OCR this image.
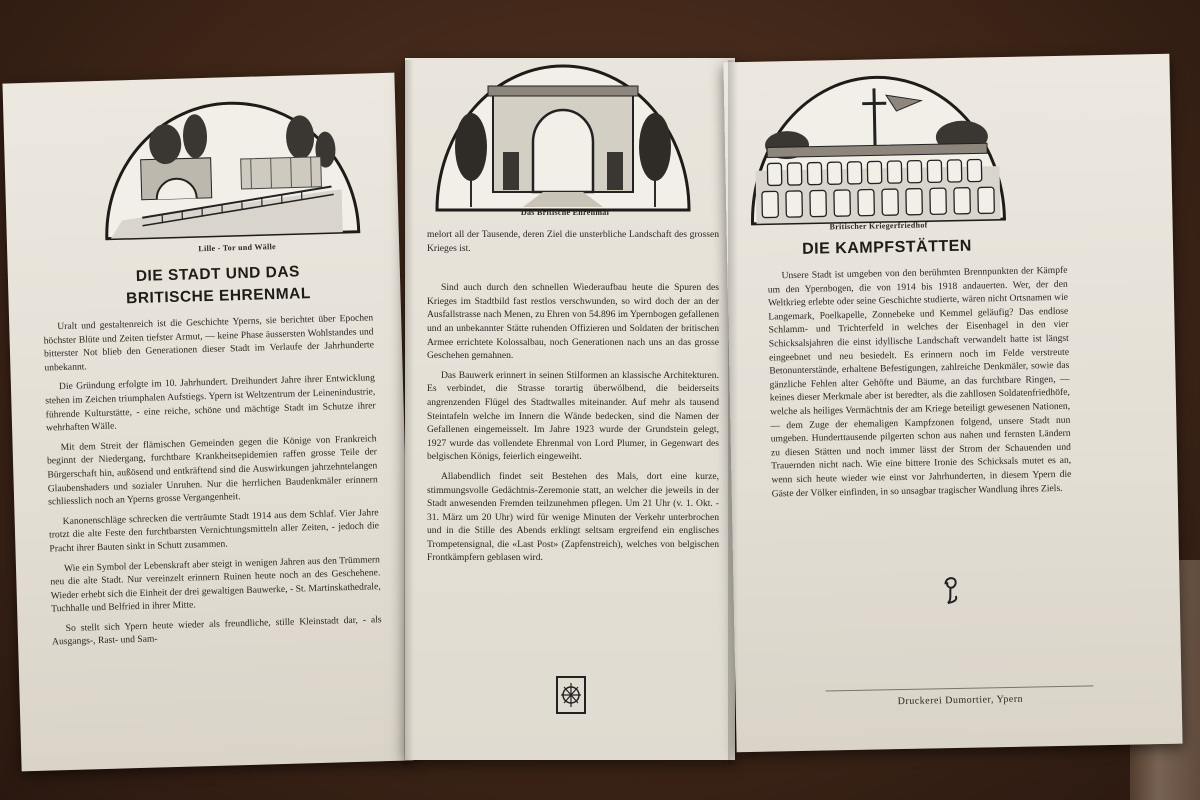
Lille - Tor und Wälle
DIE STADT UND DAS
BRITISCHE EHRENMAL

Uralt und gestaltenreich ist die Geschichte Yperns, sie berichtet über Epochen höchster Blüte und Zeiten tiefster Armut, — keine Phase äussersten Wohlstandes und bitterster Not blieb den Generationen dieser Stadt im Verlaufe der Jahrhunderte unbekannt.

Die Gründung erfolgte im 10. Jahrhundert. Dreihundert Jahre ihrer Entwicklung stehen im Zeichen triumphalen Aufstiegs. Ypern ist Weltzentrum der Leinenindustrie, führende Kulturstätte, - eine reiche, schöne und mächtige Stadt im Schutze ihrer wehrhaften Wälle.

Mit dem Streit der flämischen Gemeinden gegen die Könige von Frankreich beginnt der Niedergang, furchtbare Krankheitsepidemien raffen grosse Teile der Bürgerschaft hin, außösend und entkräftend sind die Auswirkungen jahrzehntelangen Glaubenshaders und sozialer Unruhen. Nur die herrlichen Baudenkmäler erinnern schliesslich noch an Yperns grosse Vergangenheit.

Kanonenschläge schrecken die verträumte Stadt 1914 aus dem Schlaf. Vier Jahre trotzt die alte Feste den furchtbarsten Vernichtungsmitteln aller Zeiten, - jedoch die Pracht ihrer Bauten sinkt in Schutt zusammen.

Wie ein Symbol der Lebenskraft aber steigt in wenigen Jahren aus den Trümmern neu die alte Stadt. Nur vereinzelt erinnern Ruinen heute noch an des Geschehene. Wieder erhebt sich die Einheit der drei gewaltigen Bauwerke, - St. Martinskathedrale, Tuchhalle und Belfried in ihrer Mitte.

So stellt sich Ypern heute wieder als freundliche, stille Kleinstadt dar, - als Ausgangs-, Rast- und Sam-

Das Britische Ehrenmal

melort all der Tausende, deren Ziel die unsterbliche Landschaft des grossen Krieges ist.

Sind auch durch den schnellen Wiederaufbau heute die Spuren des Krieges im Stadtbild fast restlos verschwunden, so wird doch der an der Ausfallstrasse nach Menen, zu Ehren von 54.896 im Ypernbogen gefallenen und an unbekannter Stätte ruhenden Offizieren und Soldaten der britischen Armee errichtete Kolossalbau, noch Generationen nach uns an das grosse Geschehen gemahnen.

Das Bauwerk erinnert in seinen Stilformen an klassische Architekturen. Es verbindet, die Strasse torartig überwölbend, die beiderseits angrenzenden Flügel des Stadtwalles miteinander. Auf mehr als tausend Steintafeln welche im Innern die Wände bedecken, sind die Namen der Gefallenen eingemeisselt. Im Jahre 1923 wurde der Grundstein gelegt, 1927 wurde das vollendete Ehrenmal von Lord Plumer, in Gegenwart des belgischen Königs, feierlich eingeweiht.

Allabendlich findet seit Bestehen des Mals, dort eine kurze, stimmungsvolle Gedächtnis-Zeremonie statt, an welcher die jeweils in der Stadt anwesenden Fremden teilzunehmen pflegen. Um 21 Uhr (v. 1. Okt. - 31. März um 20 Uhr) wird für wenige Minuten der Verkehr unterbrochen und in die Stille des Abends erklingt seltsam ergreifend ein englisches Trompetensignal, die «Last Post» (Zapfenstreich), welches von belgischen Frontkämpfern geblasen wird.

Britischer Kriegerfriedhof
DIE KAMPFSTÄTTEN

Unsere Stadt ist umgeben von den berühmten Brennpunkten der Kämpfe um den Ypernbogen, die von 1914 bis 1918 andauerten. Wer, der den Weltkrieg erlebte oder seine Geschichte studierte, wären nicht Ortsnamen wie Langemark, Poelkapelle, Zonnebeke und Kemmel geläufig? Das endlose Schlamm- und Trichterfeld in welches der Eisenhagel in den vier Schicksalsjahren die einst idyllische Landschaft verwandelt hatte ist längst eingeebnet und neu besiedelt. Es erinnern noch im Felde verstreute Betonunterstände, erhaltene Befestigungen, zahlreiche Denkmäler, sowie das gänzliche Fehlen alter Gehöfte und Bäume, an das furchtbare Ringen, — keines dieser Merkmale aber ist beredter, als die zahllosen Soldatenfriedhöfe, welche als heiliges Vermächtnis der am Kriege beteiligt gewesenen Nationen, — dem Zuge der ehemaligen Kampfzonen folgend, unsere Stadt nun umgeben. Hunderttausende pilgerten schon aus nahen und fernsten Ländern zu diesen Stätten und noch immer lässt der Strom der Schauenden und Trauernden nicht nach. Wie eine bittere Ironie des Schicksals mutet es an, wenn sich heute wieder wie einst vor Jahrhunderten, in diesem Ypern die Gäste der Völker einfinden, in so unsagbar tragischer Wandlung ihres Ziels.

Druckerei Dumortier, Ypern
